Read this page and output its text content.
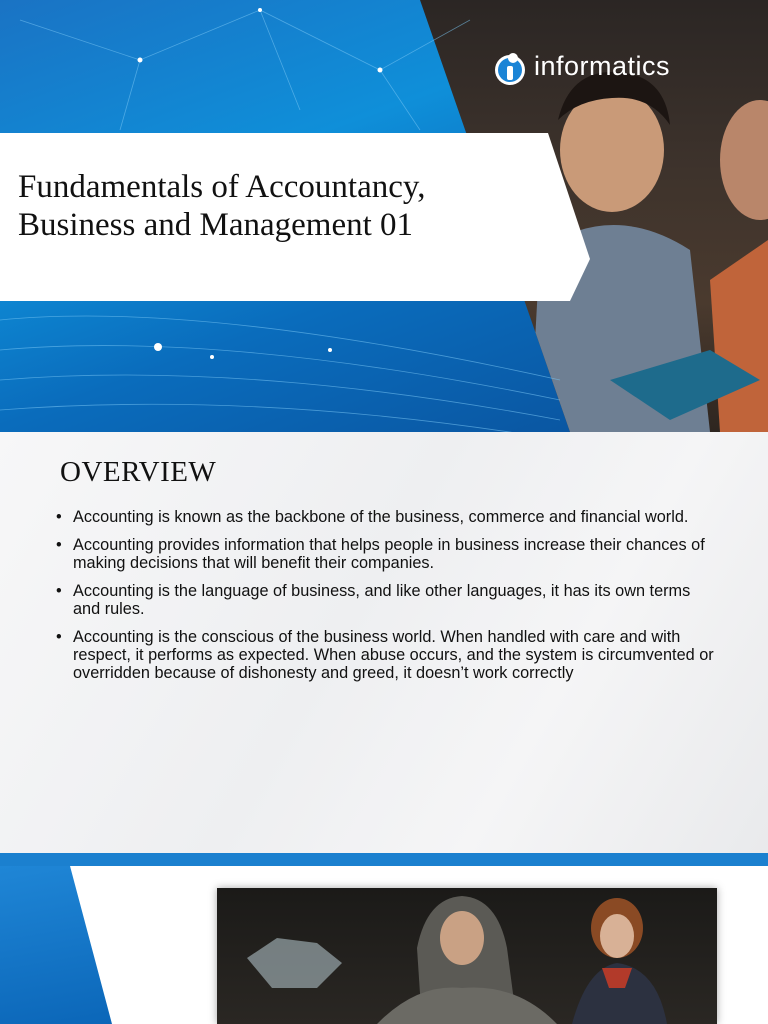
Fundamentals of Accountancy,
Business and Management 01
informatics
OVERVIEW
• Accounting is known as the backbone of the business, commerce and financial world.
• Accounting provides information that helps people in business increase their chances of making decisions that will benefit their companies.
• Accounting is the language of business, and like other languages, it has its own terms and rules.
• Accounting is the conscious of the business world. When handled with care and with respect, it performs as expected. When abuse occurs, and the system is circumvented or overridden because of dishonesty and greed, it doesn’t work correctly
